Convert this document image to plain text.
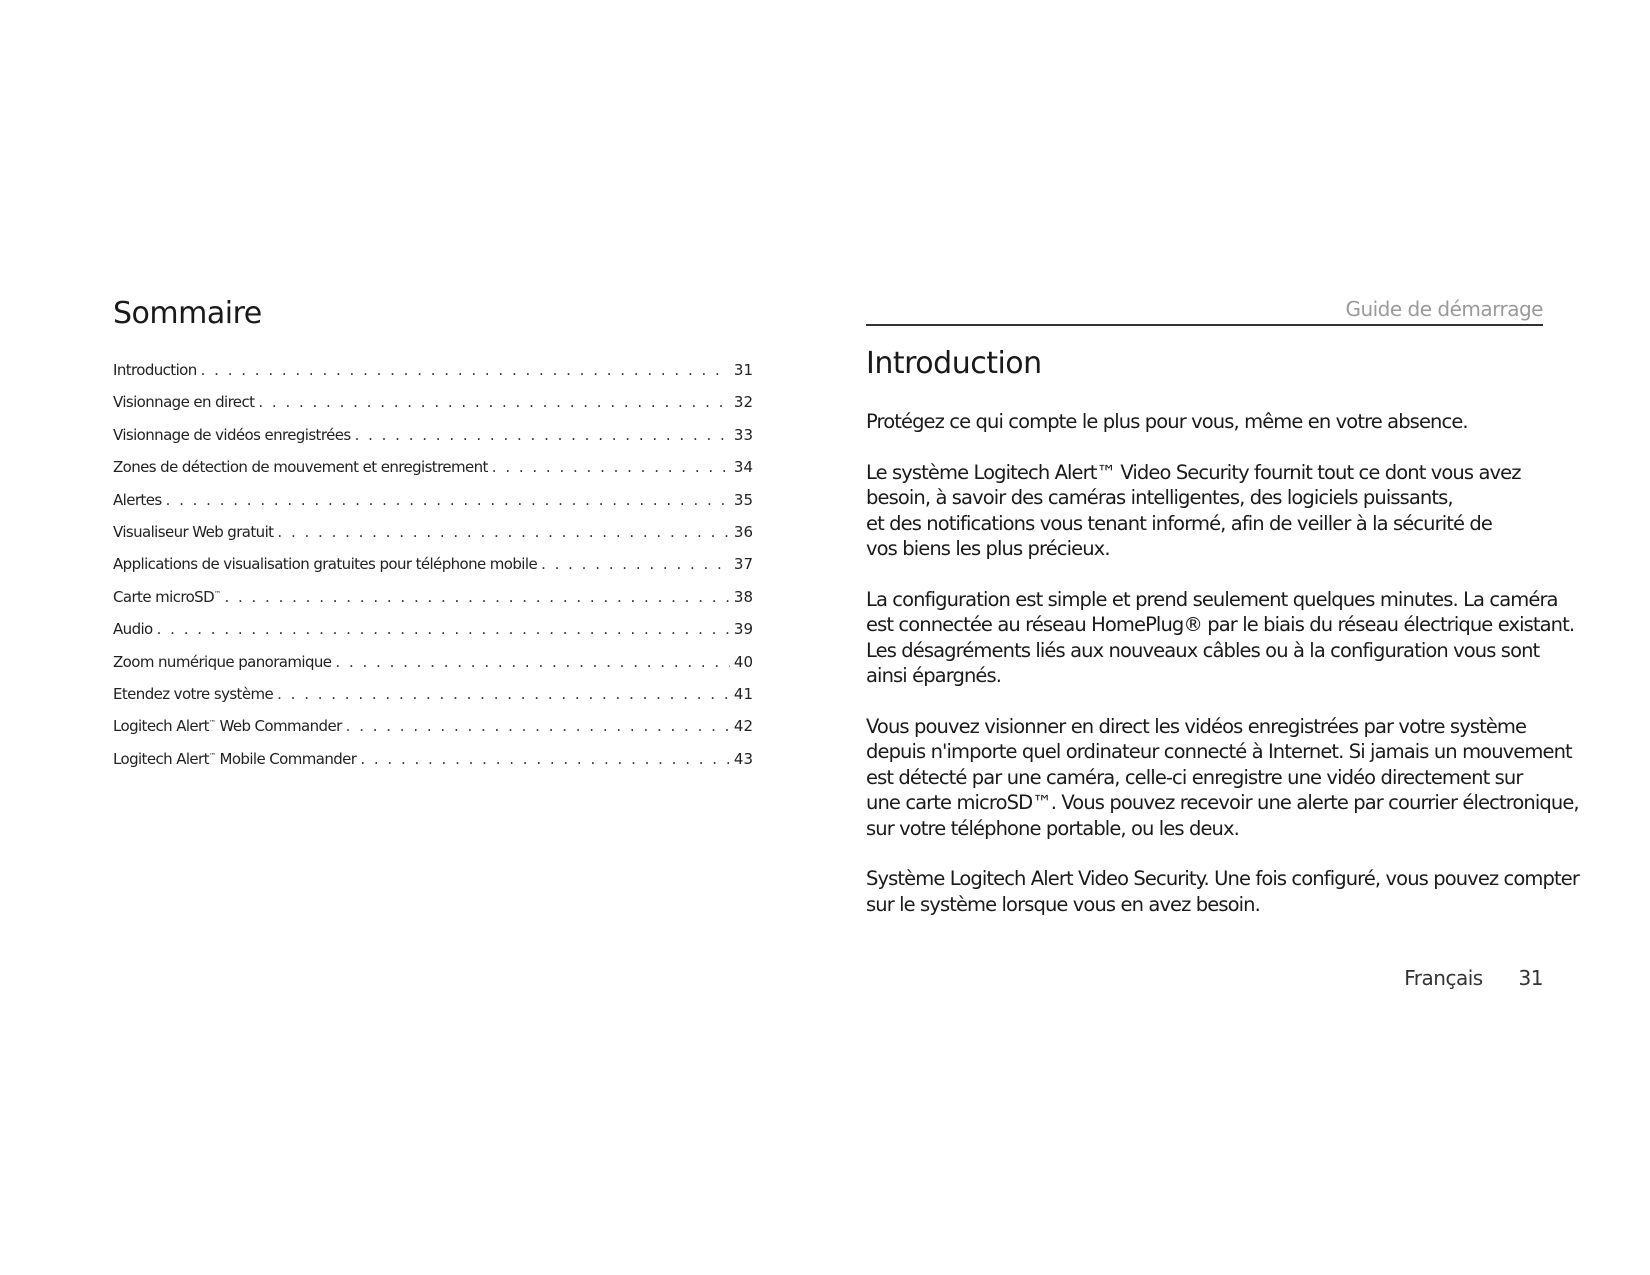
Sommaire
Introduction . . .	31
Visionnage en direct . . .	32
Visionnage de vidéos enregistrées . . .	33
Zones de détection de mouvement et enregistrement . . .	34
Alertes . . .	35
Visualiseur Web gratuit . . .	36
Applications de visualisation gratuites pour téléphone mobile . . .	37
Carte microSD™ . . .	38
Audio . . .	39
Zoom numérique panoramique . . .	40
Etendez votre système . . .	41
Logitech Alert™ Web Commander . . .	42
Logitech Alert™ Mobile Commander . . .	43
Guide de démarrage
Introduction

Protégez ce qui compte le plus pour vous, même en votre absence.

Le système Logitech Alert™ Video Security fournit tout ce dont vous avez
besoin, à savoir des caméras intelligentes, des logiciels puissants,
et des notifications vous tenant informé, afin de veiller à la sécurité de
vos biens les plus précieux.

La configuration est simple et prend seulement quelques minutes. La caméra
est connectée au réseau HomePlug® par le biais du réseau électrique existant.
Les désagréments liés aux nouveaux câbles ou à la configuration vous sont
ainsi épargnés.

Vous pouvez visionner en direct les vidéos enregistrées par votre système
depuis n'importe quel ordinateur connecté à Internet. Si jamais un mouvement
est détecté par une caméra, celle-ci enregistre une vidéo directement sur
une carte microSD™. Vous pouvez recevoir une alerte par courrier électronique,
sur votre téléphone portable, ou les deux.

Système Logitech Alert Video Security. Une fois configuré, vous pouvez compter
sur le système lorsque vous en avez besoin.

Français 31
